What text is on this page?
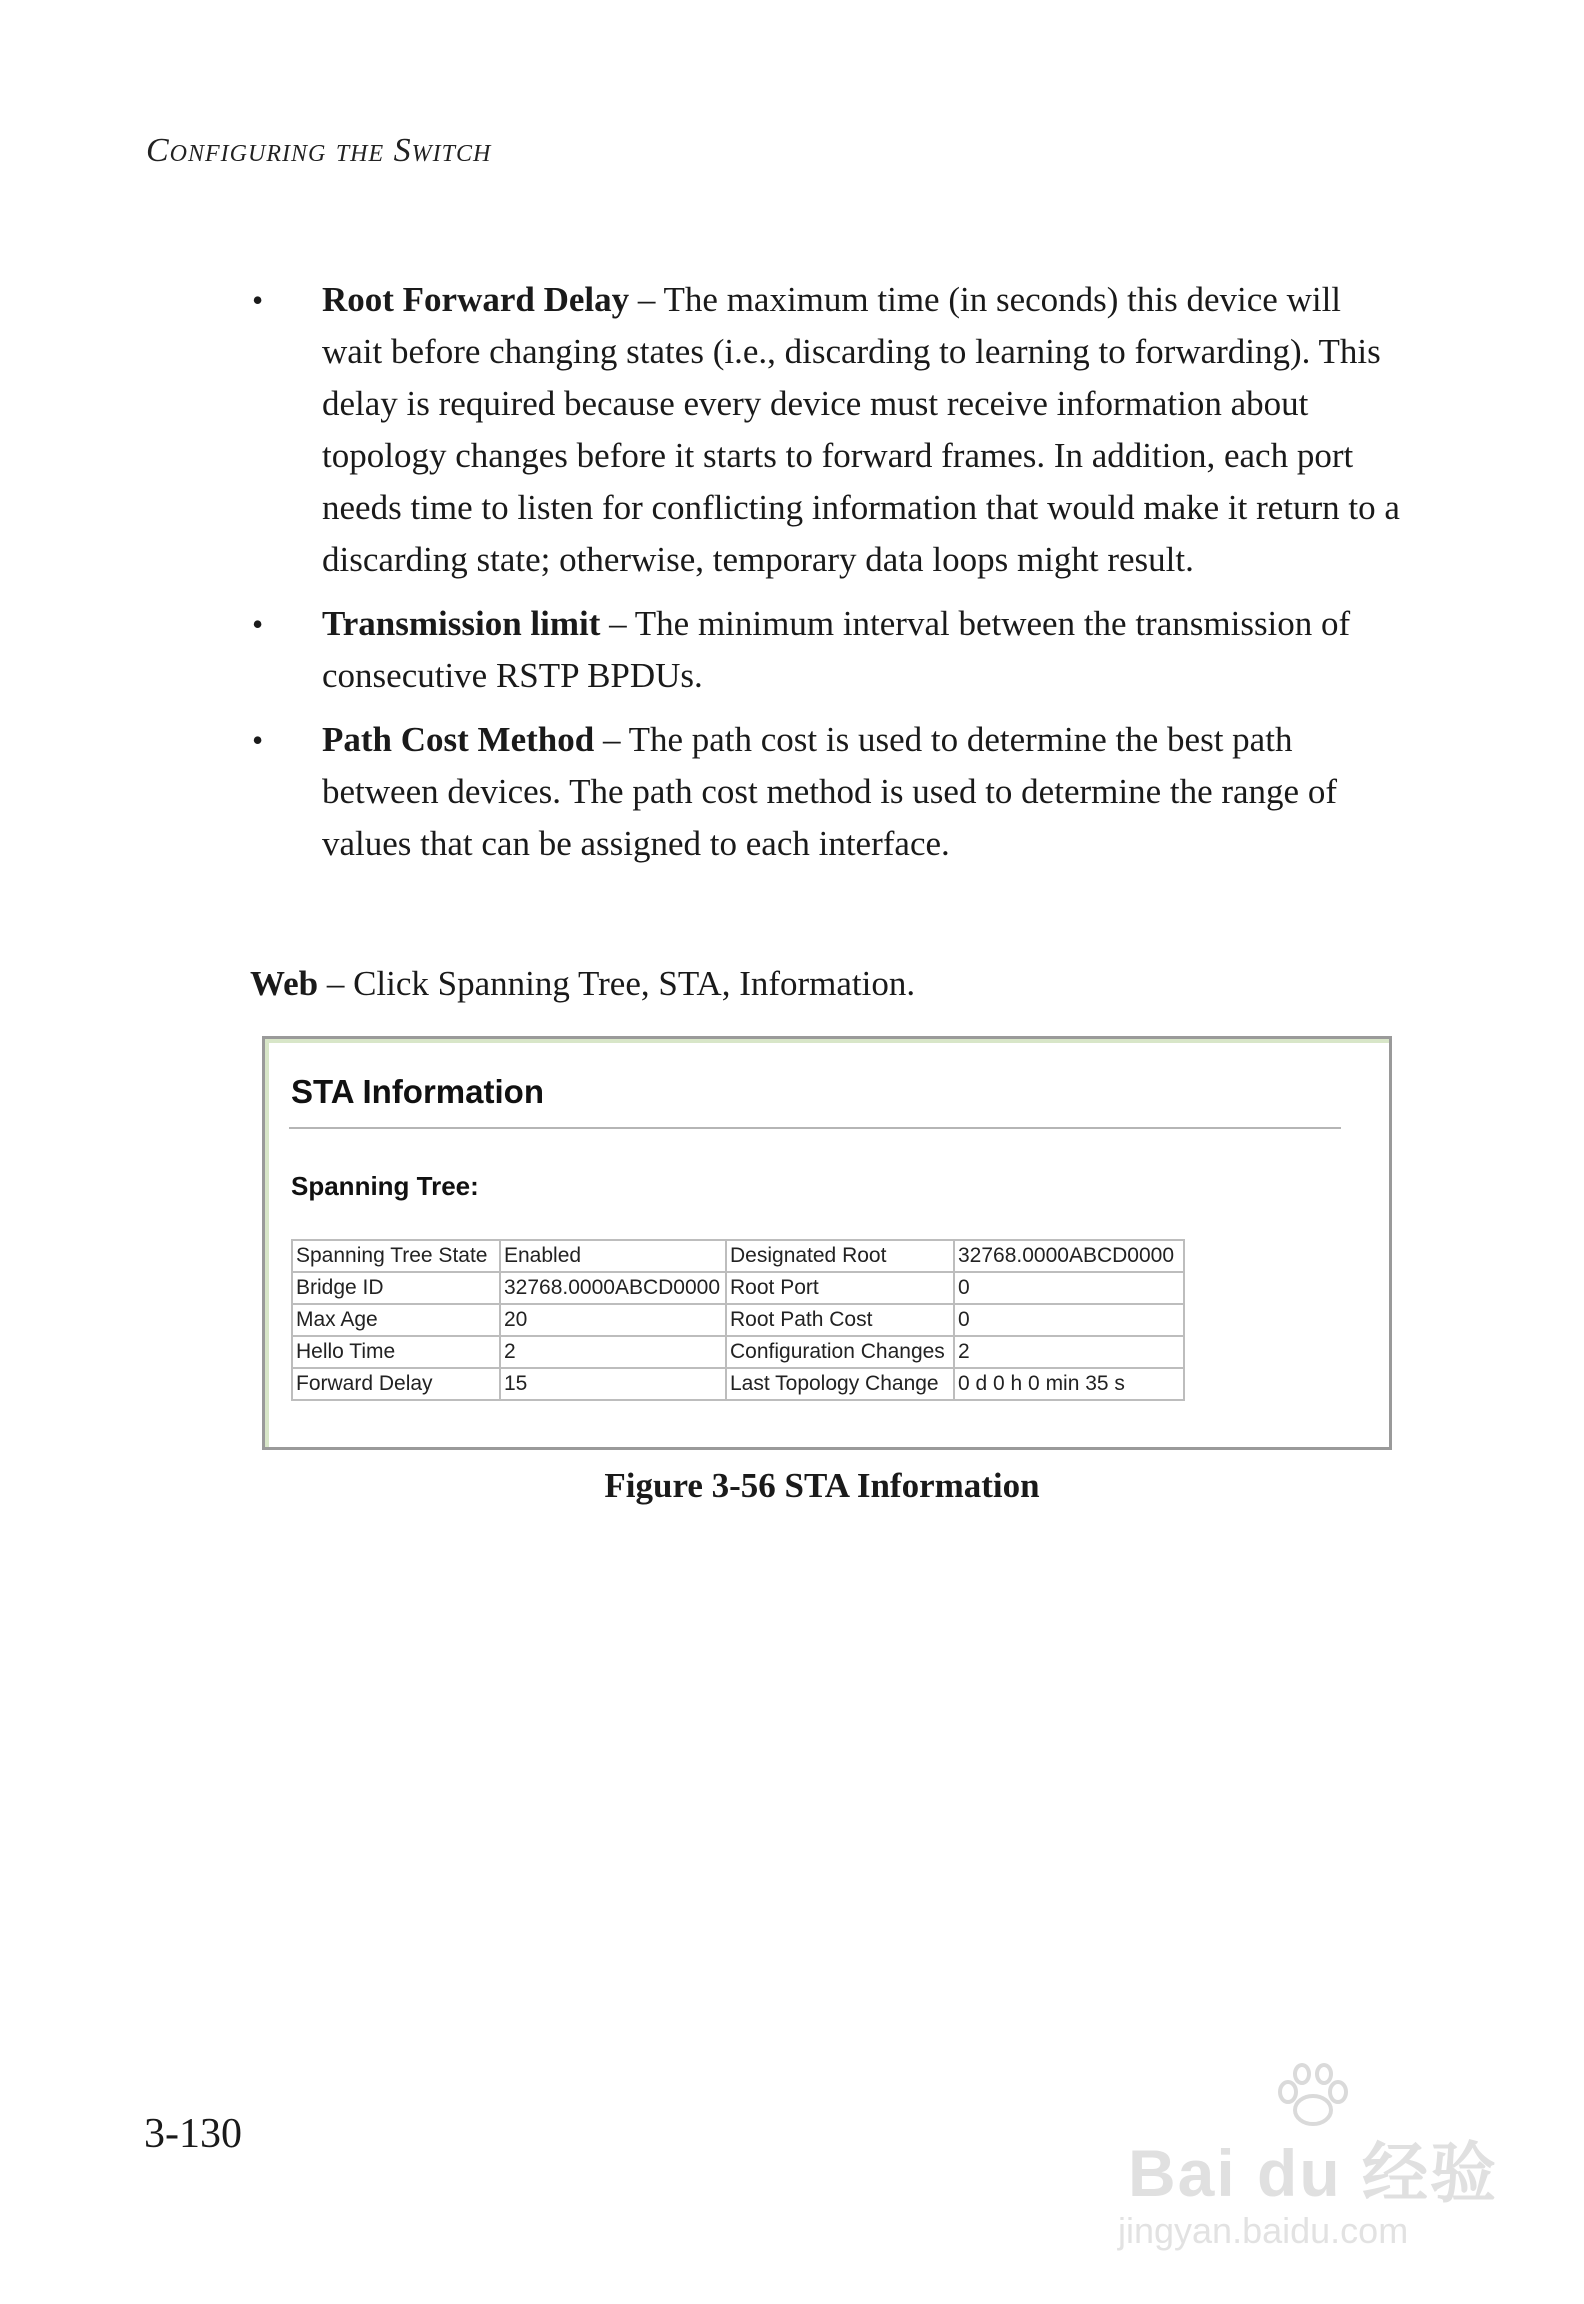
Configuring the Switch
• Root Forward Delay – The maximum time (in seconds) this device will wait before changing states (i.e., discarding to learning to forwarding). This delay is required because every device must receive information about topology changes before it starts to forward frames. In addition, each port needs time to listen for conflicting information that would make it return to a discarding state; otherwise, temporary data loops might result.
• Transmission limit – The minimum interval between the transmission of consecutive RSTP BPDUs.
• Path Cost Method – The path cost is used to determine the best path between devices. The path cost method is used to determine the range of values that can be assigned to each interface.
Web – Click Spanning Tree, STA, Information.
STA Information
Spanning Tree:
Spanning Tree State	Enabled	Designated Root	32768.0000ABCD0000
Bridge ID	32768.0000ABCD0000	Root Port	0
Max Age	20	Root Path Cost	0
Hello Time	2	Configuration Changes	2
Forward Delay	15	Last Topology Change	0 d 0 h 0 min 35 s
Figure 3-56 STA Information
3-130
Bai du 经验
jingyan.baidu.com
